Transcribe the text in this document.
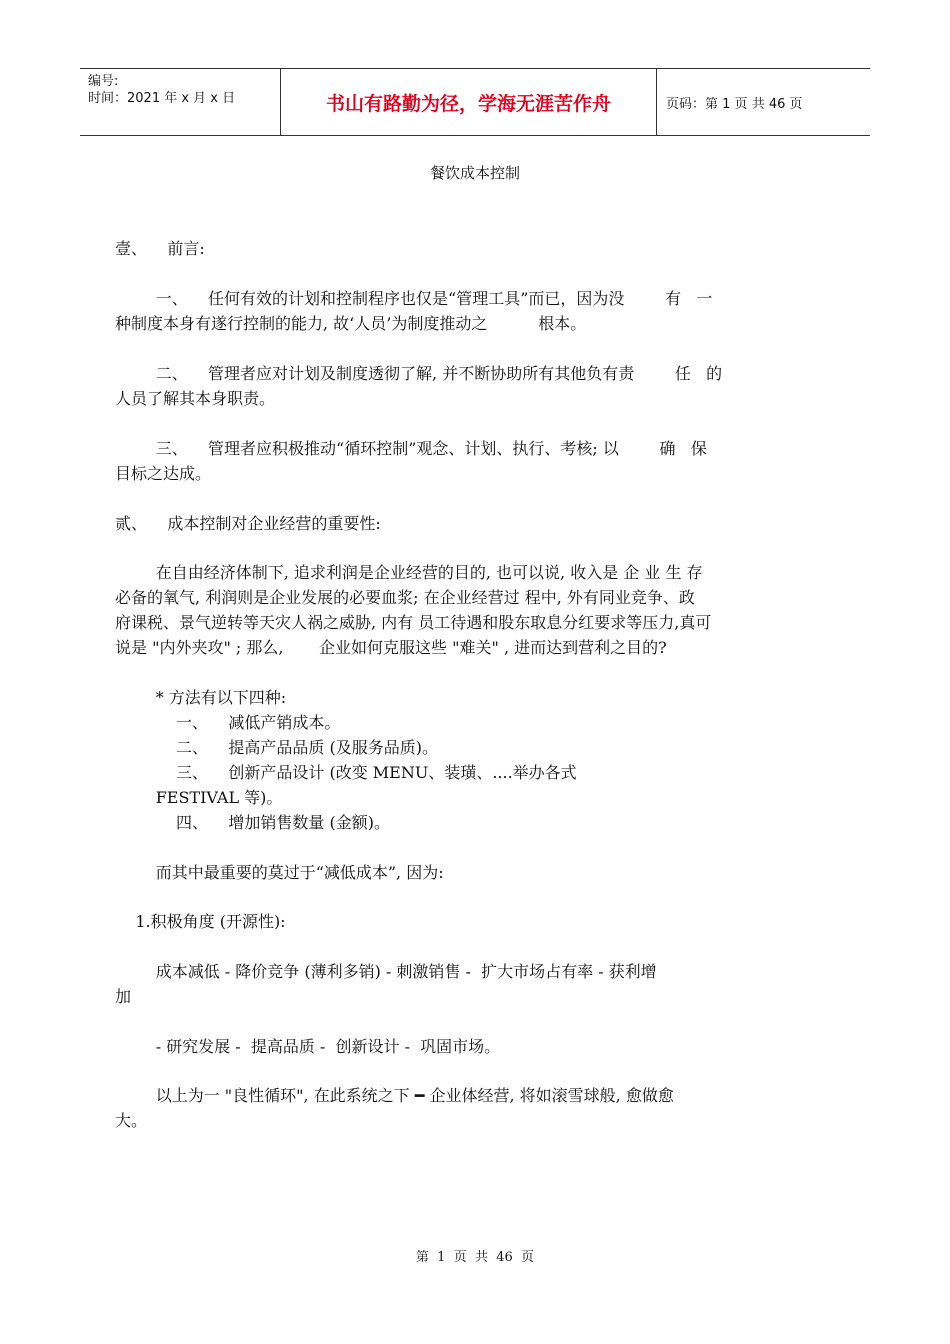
编号:
时间：2021 年 x 月 x 日	书山有路勤为径，学海无涯苦作舟	页码： 第 1 页
共 46 页
餐饮成本控制
壹、    前言:
一、    任何有效的计划和控制程序也仅是“管理工具”而已，因为没        有   一
种制度本身有遂行控制的能力, 故‘人员’为制度推动之          根本。
二、    管理者应对计划及制度透彻了解, 并不断协助所有其他负有责        任   的
人员了解其本身职责。
三、    管理者应积极推动“循环控制”观念、计划、执行、考核; 以        确   保
目标之达成。
贰、    成本控制对企业经营的重要性:
在自由经济体制下, 追求利润是企业经营的目的, 也可以说, 收入是 企 业 生 存
必备的氧气, 利润则是企业发展的必要血浆; 在企业经营过 程中, 外有同业竞争、政
府课税、景气逆转等天灾人祸之威胁, 内有 员工待遇和股东取息分红要求等压力,真可
说是 "内外夹攻" ; 那么,       企业如何克服这些 "难关" , 进而达到营利之目的?
* 方法有以下四种:
一、    减低产销成本。
二、    提高产品品质 (及服务品质)。
三、    创新产品设计 (改变 MENU、装璜、....举办各式
FESTIVAL 等)。
四、    增加销售数量 (金额)。
而其中最重要的莫过于“减低成本”, 因为:
1.积极角度 (开源性):
成本减低 - 降价竞争 (薄利多销) - 刺激销售 -  扩大市场占有率 - 获利增
加
- 研究发展 -  提高品质 -  创新设计 -  巩固市场。
以上为一 "良性循环", 在此系统之下 ━ 企业体经营, 将如滚雪球般, 愈做愈
大。
第  1  页  共  46  页
